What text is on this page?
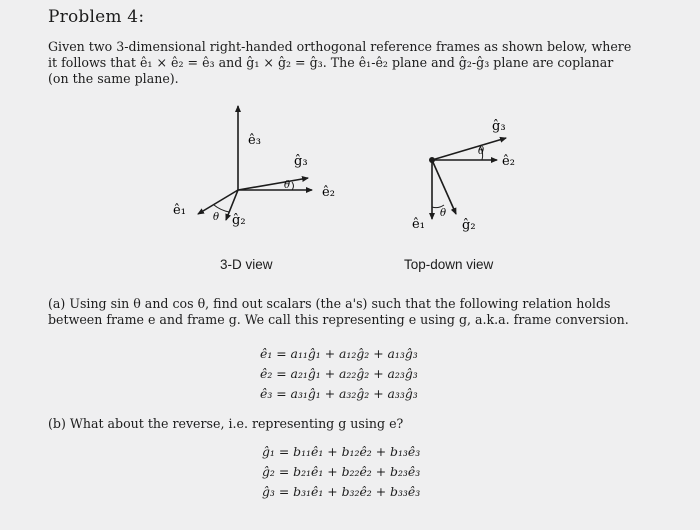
Problem 4:
Given two 3-dimensional right-handed orthogonal reference frames as shown below, where
it follows that ê₁ × ê₂ = ê₃ and ĝ₁ × ĝ₂ = ĝ₃. The ê₁-ê₂ plane and ĝ₂-ĝ₃ plane are coplanar
(on the same plane).
ê₃
ĝ₃
ê₂
ê₁
ĝ₂
θ
θ
ĝ₃
θ
ê₂
ê₁
θ
ĝ₂
3-D view	Top-down view
(a) Using sin θ and cos θ, find out scalars (the a's) such that the following relation holds
between frame e and frame g. We call this representing e using g, a.k.a. frame conversion.
ê₁ = a₁₁ĝ₁ + a₁₂ĝ₂ + a₁₃ĝ₃
ê₂ = a₂₁ĝ₁ + a₂₂ĝ₂ + a₂₃ĝ₃
ê₃ = a₃₁ĝ₁ + a₃₂ĝ₂ + a₃₃ĝ₃
(b) What about the reverse, i.e. representing g using e?
ĝ₁ = b₁₁ê₁ + b₁₂ê₂ + b₁₃ê₃
ĝ₂ = b₂₁ê₁ + b₂₂ê₂ + b₂₃ê₃
ĝ₃ = b₃₁ê₁ + b₃₂ê₂ + b₃₃ê₃
